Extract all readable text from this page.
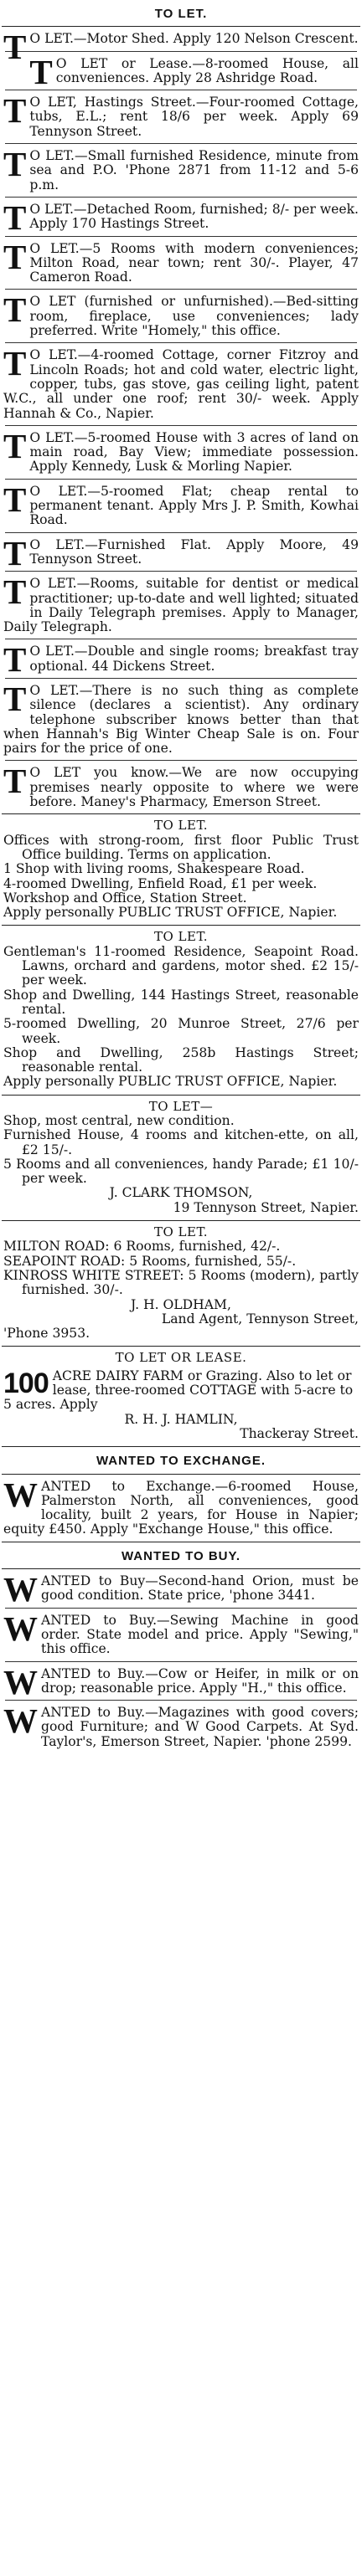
TO LET.

T O LET.—Motor Shed. Apply 120 Nelson Crescent.

T O LET or Lease.—8-roomed House, all conveniences. Apply 28 Ashridge Road.

T O LET, Hastings Street.—Four-roomed Cottage, tubs, E.L.; rent 18/6 per week. Apply 69 Tennyson Street.

T O LET.—Small furnished Residence, minute from sea and P.O. 'Phone 2871 from 11-12 and 5-6 p.m.

T O LET.—Detached Room, furnished; 8/- per week. Apply 170 Hastings Street.

T O LET.—5 Rooms with modern conveniences; Milton Road, near town; rent 30/-. Player, 47 Cameron Road.

T O LET (furnished or unfurnished).—Bed-sitting room, fireplace, use conveniences; lady preferred. Write "Homely," this office.

T O LET.—4-roomed Cottage, corner Fitzroy and Lincoln Roads; hot and cold water, electric light, copper, tubs, gas stove, gas ceiling light, patent W.C., all under one roof; rent 30/- week. Apply Hannah & Co., Napier.

T O LET.—5-roomed House with 3 acres of land on main road, Bay View; immediate possession. Apply Kennedy, Lusk & Morling Napier.

T O LET.—5-roomed Flat; cheap rental to permanent tenant. Apply Mrs J. P. Smith, Kowhai Road.

T O LET.—Furnished Flat. Apply Moore, 49 Tennyson Street.

T O LET.—Rooms, suitable for dentist or medical practitioner; up-to-date and well lighted; situated in Daily Telegraph premises. Apply to Manager, Daily Telegraph.

T O LET.—Double and single rooms; breakfast tray optional. 44 Dickens Street.

T O LET.—There is no such thing as complete silence (declares a scientist). Any ordinary telephone subscriber knows better than that when Hannah's Big Winter Cheap Sale is on. Four pairs for the price of one.

T O LET you know.—We are now occupying premises nearly opposite to where we were before. Maney's Pharmacy, Emerson Street.

TO LET.

Offices with strong-room, first floor Public Trust Office building. Terms on application.

1 Shop with living rooms, Shakespeare Road.

4-roomed Dwelling, Enfield Road, £1 per week.

Workshop and Office, Station Street.

Apply personally PUBLIC TRUST OFFICE, Napier.

TO LET.

Gentleman's 11-roomed Residence, Seapoint Road. Lawns, orchard and gardens, motor shed. £2 15/- per week.

Shop and Dwelling, 144 Hastings Street, reasonable rental.

5-roomed Dwelling, 20 Munroe Street, 27/6 per week.

Shop and Dwelling, 258b Hastings Street; reasonable rental.

Apply personally PUBLIC TRUST OFFICE, Napier.

TO LET—

Shop, most central, new condition.

Furnished House, 4 rooms and kitchen-ette, on all, £2 15/-.

5 Rooms and all conveniences, handy Parade; £1 10/- per week.

J. CLARK THOMSON,

19 Tennyson Street, Napier.

TO LET.

MILTON ROAD: 6 Rooms, furnished, 42/-.

SEAPOINT ROAD: 5 Rooms, furnished, 55/-.

KINROSS WHITE STREET: 5 Rooms (modern), partly furnished. 30/-.

J. H. OLDHAM,

Land Agent, Tennyson Street,

'Phone 3953.

TO LET OR LEASE.

100 ACRE DAIRY FARM or Grazing. Also to let or lease, three-roomed COTTAGE with 5-acre to 5 acres. Apply

R. H. J. HAMLIN,

Thackeray Street.

WANTED TO EXCHANGE.

WANTED to Exchange.—6-roomed House, Palmerston North, all conveniences, good locality, built 2 years, for House in Napier; equity £450. Apply "Exchange House," this office.

WANTED TO BUY.

WANTED to Buy—Second-hand Orion, must be good condition. State price, 'phone 3441.

WANTED to Buy.—Sewing Machine in good order. State model and price. Apply "Sewing," this office.

WANTED to Buy.—Cow or Heifer, in milk or on drop; reasonable price. Apply "H.," this office.

WANTED to Buy.—Magazines with good covers; good Furniture; and W Good Carpets. At Syd. Taylor's, Emerson Street, Napier. 'phone 2599.
